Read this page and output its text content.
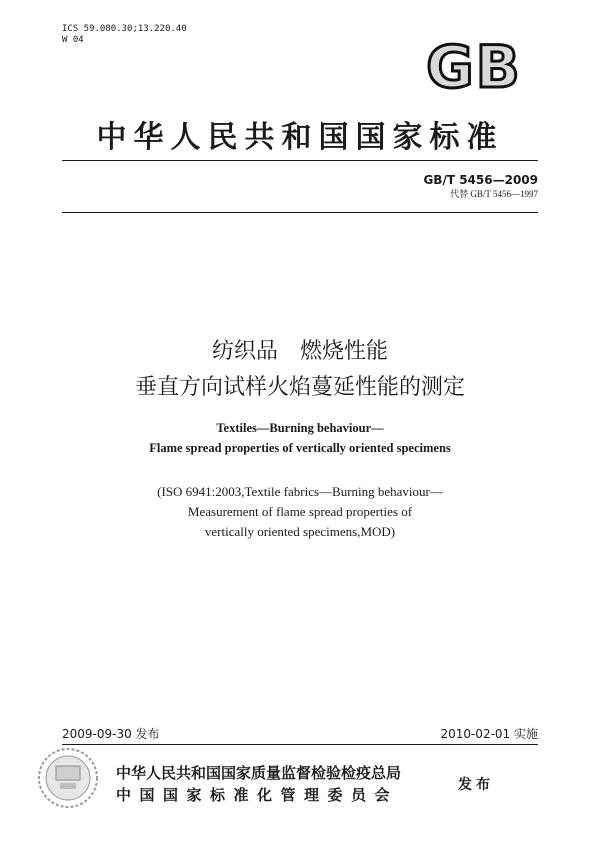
ICS 59.080.30;13.220.40
W 04	GB
中华人民共和国国家标准
GB/T 5456—2009
代替 GB/T 5456—1997
纺织品　燃烧性能
垂直方向试样火焰蔓延性能的测定
Textiles—Burning behaviour—
Flame spread properties of vertically oriented specimens
(ISO 6941:2003,Textile fabrics—Burning behaviour—
Measurement of flame spread properties of
vertically oriented specimens,MOD)
2009-09-30 发布	2010-02-01 实施
中华人民共和国国家质量监督检验检疫总局
中国国家标准化管理委员会
发布
